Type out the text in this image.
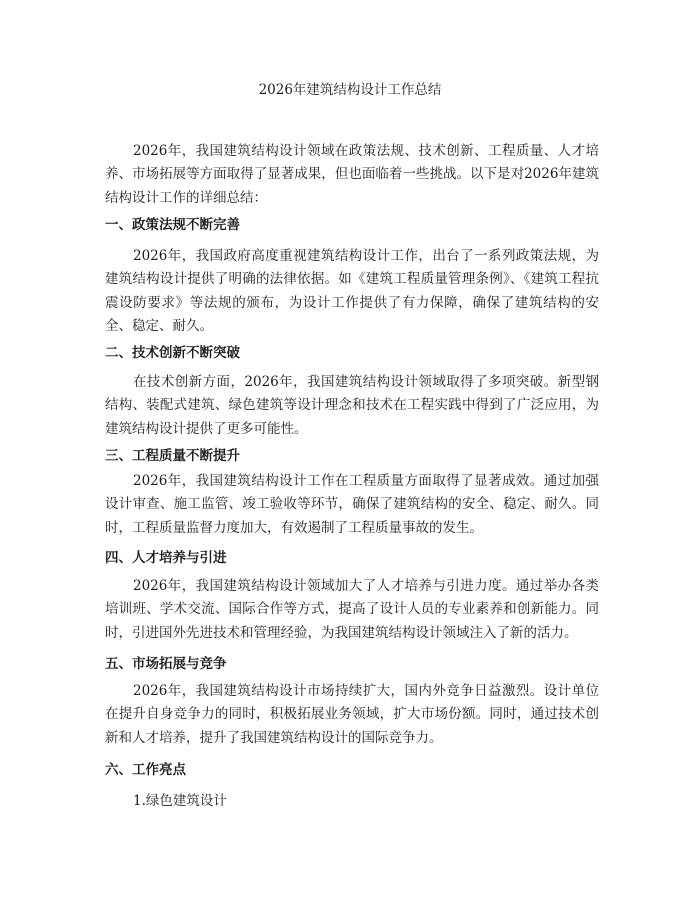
2026年建筑结构设计工作总结

2026年，我国建筑结构设计领域在政策法规、技术创新、工程质量、人才培养、市场拓展等方面取得了显著成果，但也面临着一些挑战。以下是对2026年建筑结构设计工作的详细总结：

一、政策法规不断完善

2026年，我国政府高度重视建筑结构设计工作，出台了一系列政策法规，为建筑结构设计提供了明确的法律依据。如《建筑工程质量管理条例》、《建筑工程抗震设防要求》等法规的颁布，为设计工作提供了有力保障，确保了建筑结构的安全、稳定、耐久。

二、技术创新不断突破

在技术创新方面，2026年，我国建筑结构设计领域取得了多项突破。新型钢结构、装配式建筑、绿色建筑等设计理念和技术在工程实践中得到了广泛应用，为建筑结构设计提供了更多可能性。

三、工程质量不断提升

2026年，我国建筑结构设计工作在工程质量方面取得了显著成效。通过加强设计审查、施工监管、竣工验收等环节，确保了建筑结构的安全、稳定、耐久。同时，工程质量监督力度加大，有效遏制了工程质量事故的发生。

四、人才培养与引进

2026年，我国建筑结构设计领域加大了人才培养与引进力度。通过举办各类培训班、学术交流、国际合作等方式，提高了设计人员的专业素养和创新能力。同时，引进国外先进技术和管理经验，为我国建筑结构设计领域注入了新的活力。

五、市场拓展与竞争

2026年，我国建筑结构设计市场持续扩大，国内外竞争日益激烈。设计单位在提升自身竞争力的同时，积极拓展业务领域，扩大市场份额。同时，通过技术创新和人才培养，提升了我国建筑结构设计的国际竞争力。

六、工作亮点

1.绿色建筑设计
